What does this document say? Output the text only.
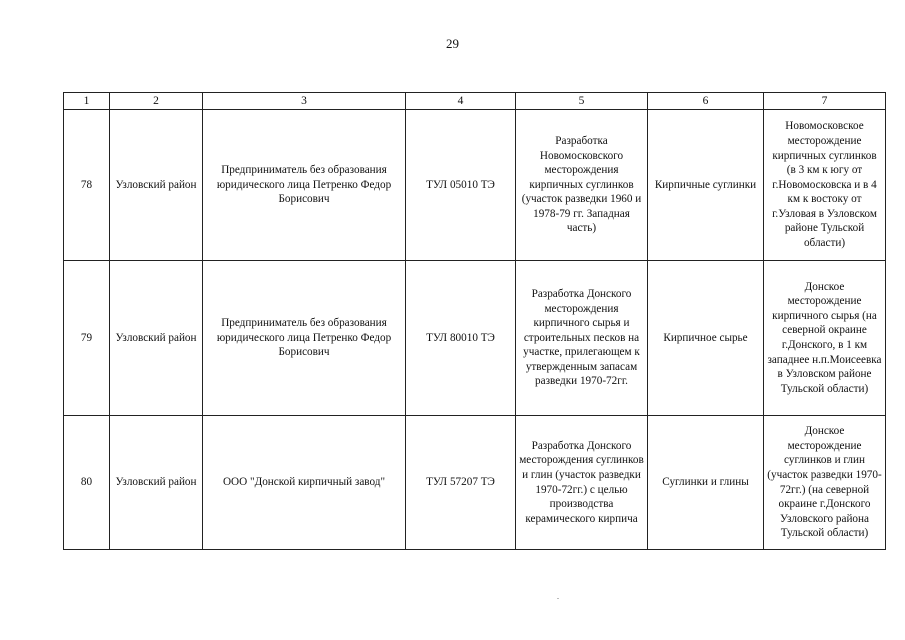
29
1	2	3	4	5	6	7
78	Узловский район	Предприниматель без образования юридического лица Петренко Федор Борисович	ТУЛ 05010 ТЭ	Разработка Новомосковского месторождения кирпичных суглинков (участок разведки 1960 и 1978-79 гг. Западная часть)	Кирпичные суглинки	Новомосковское месторождение кирпичных суглинков (в 3 км к югу от г.Новомосковска и в 4 км к востоку от г.Узловая в Узловском районе Тульской области)
79	Узловский район	Предприниматель без образования юридического лица Петренко Федор Борисович	ТУЛ 80010 ТЭ	Разработка Донского месторождения кирпичного сырья и строительных песков на участке, прилегающем к утвержденным запасам разведки 1970-72гг.	Кирпичное сырье	Донское месторождение кирпичного сырья (на северной окраине г.Донского, в 1 км западнее н.п.Моисеевка в Узловском районе Тульской области)
80	Узловский район	ООО "Донской кирпичный завод"	ТУЛ 57207 ТЭ	Разработка Донского месторождения суглинков и глин (участок разведки 1970-72гг.) с целью производства керамического кирпича	Суглинки и глины	Донское месторождение суглинков и глин (участок разведки 1970-72гг.) (на северной окраине г.Донского Узловского района Тульской области)
